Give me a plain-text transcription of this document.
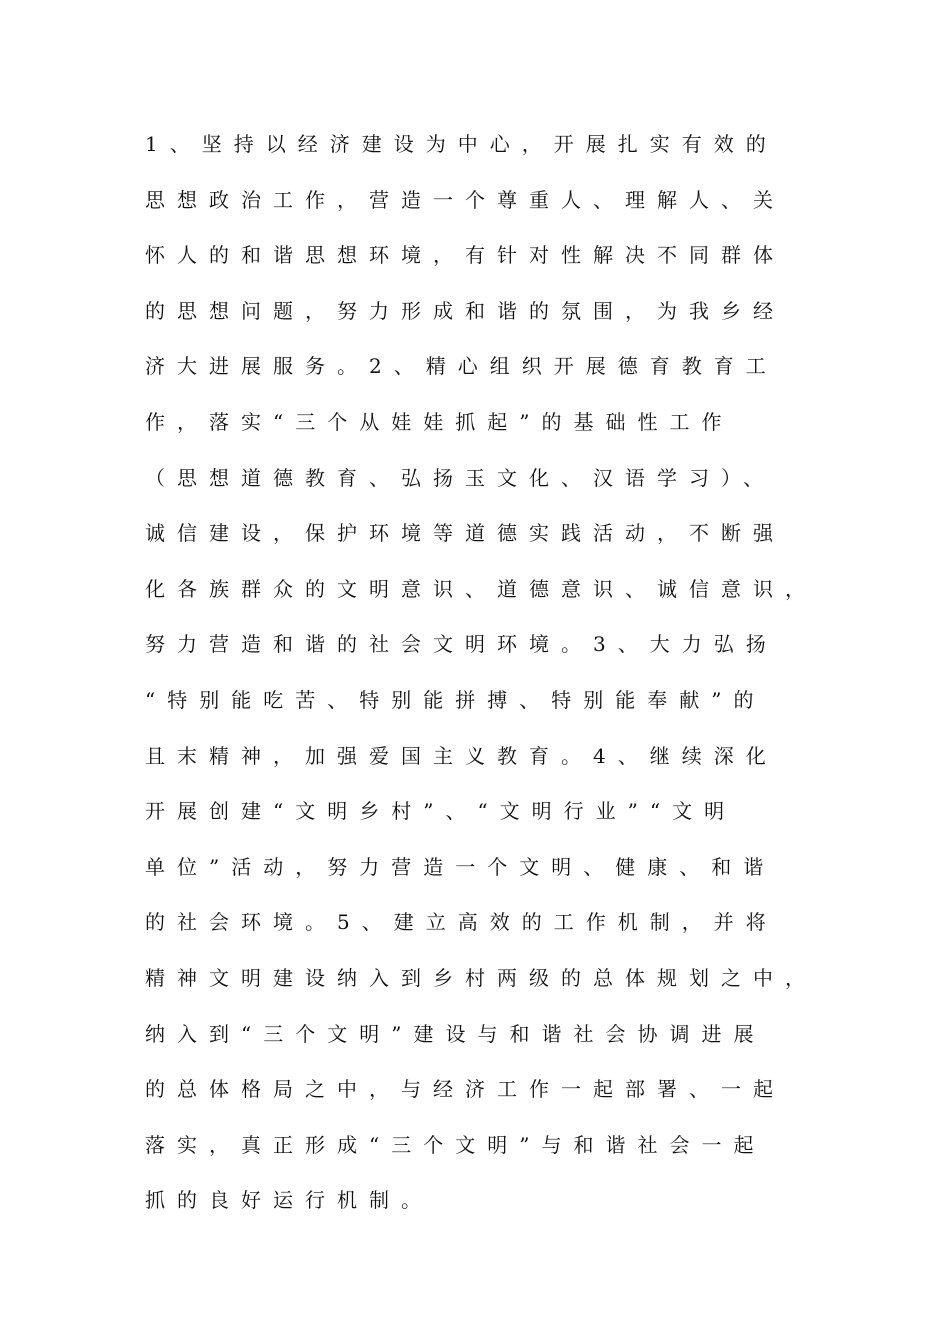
1、坚持以经济建设为中心，开展扎实有效的
思想政治工作，营造一个尊重人、理解人、关
怀人的和谐思想环境，有针对性解决不同群体
的思想问题，努力形成和谐的氛围，为我乡经
济大进展服务。2、精心组织开展德育教育工
作，落实“三个从娃娃抓起”的基础性工作
（思想道德教育、弘扬玉文化、汉语学习）、
诚信建设，保护环境等道德实践活动，不断强
化各族群众的文明意识、道德意识、诚信意识，
努力营造和谐的社会文明环境。3、大力弘扬
“特别能吃苦、特别能拼搏、特别能奉献”的
且末精神，加强爱国主义教育。4、继续深化
开展创建“文明乡村”、“文明行业”“文明
单位”活动，努力营造一个文明、健康、和谐
的社会环境。5、建立高效的工作机制，并将
精神文明建设纳入到乡村两级的总体规划之中，
纳入到“三个文明”建设与和谐社会协调进展
的总体格局之中，与经济工作一起部署、一起
落实，真正形成“三个文明”与和谐社会一起
抓的良好运行机制。
